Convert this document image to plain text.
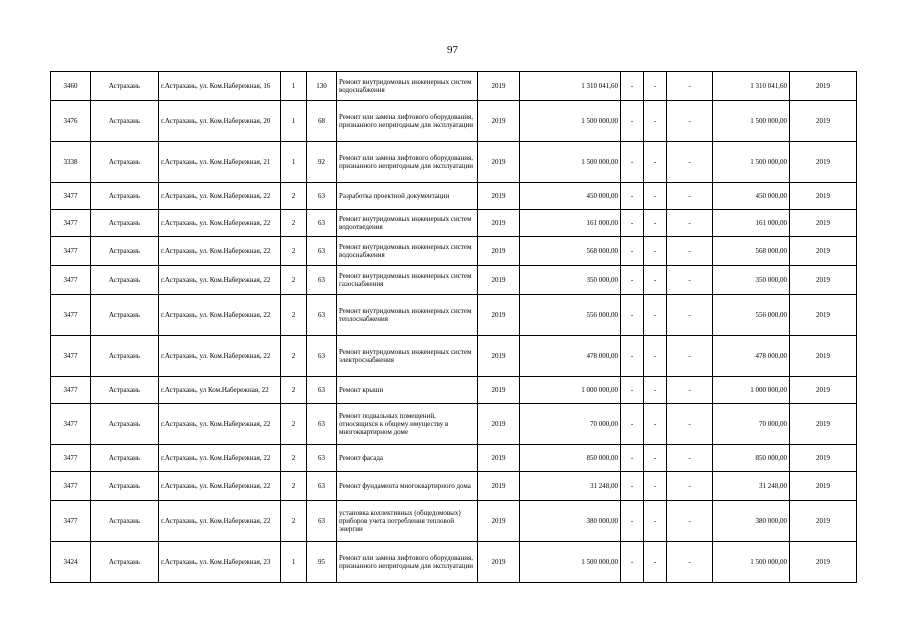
97
3460	Астрахань	г.Астрахань, ул. Ком.Набережная, 16	1	130	Ремонт внутридомовых инженерных систем водоснабжения	2019	1 310 041,60	-	-	-	1 310 041,60	2019
3476	Астрахань	г.Астрахань, ул. Ком.Набережная, 20	1	68	Ремонт или замена лифтового оборудования, признанного непригодным для эксплуатации	2019	1 500 000,00	-	-	-	1 500 000,00	2019
3338	Астрахань	г.Астрахань, ул. Ком.Набережная, 21	1	92	Ремонт или замена лифтового оборудования, признанного непригодным для эксплуатации	2019	1 500 000,00	-	-	-	1 500 000,00	2019
3477	Астрахань	г.Астрахань, ул. Ком.Набережная, 22	2	63	Разработка проектной документации	2019	450 000,00	-	-	-	450 000,00	2019
3477	Астрахань	г.Астрахань, ул. Ком.Набережная, 22	2	63	Ремонт внутридомовых инженерных систем водоотведения	2019	161 000,00	-	-	-	161 000,00	2019
3477	Астрахань	г.Астрахань, ул. Ком.Набережная, 22	2	63	Ремонт внутридомовых инженерных систем водоснабжения	2019	568 000,00	-	-	-	568 000,00	2019
3477	Астрахань	г.Астрахань, ул. Ком.Набережная, 22	2	63	Ремонт внутридомовых инженерных систем газоснабжения	2019	350 000,00	-	-	-	350 000,00	2019
3477	Астрахань	г.Астрахань, ул. Ком.Набережная, 22	2	63	Ремонт внутридомовых инженерных систем теплоснабжения	2019	556 000,00	-	-	-	556 000,00	2019
3477	Астрахань	г.Астрахань, ул. Ком.Набережная, 22	2	63	Ремонт внутридомовых инженерных систем электроснабжения	2019	478 000,00	-	-	-	478 000,00	2019
3477	Астрахань	г.Астрахань, ул Ком.Набережная, 22	2	63	Ремонт крыши	2019	1 000 000,00	-	-	-	1 000 000,00	2019
3477	Астрахань	г.Астрахань, ул. Ком.Набережная, 22	2	63	Ремонт подвальных помещений, относящихся к общему имуществу в многоквартирном доме	2019	70 000,00	-	-	-	70 000,00	2019
3477	Астрахань	г.Астрахань, ул. Ком.Набережная, 22	2	63	Ремонт фасада	2019	850 000,00	-	-	-	850 000,00	2019
3477	Астрахань	г.Астрахань, ул. Ком.Набережная, 22	2	63	Ремонт фундамента многоквартирного дома	2019	31 248,00	-	-	-	31 248,00	2019
3477	Астрахань	г.Астрахань, ул. Ком.Набережная, 22	2	63	установка коллективных (общедомовых) приборов учета потребления тепловой энергии	2019	380 000,00	-	-	-	380 000,00	2019
3424	Астрахань	г.Астрахань, ул. Ком.Набережная, 23	1	95	Ремонт или замена лифтового оборудования, признанного непригодным для эксплуатации	2019	1 500 000,00	-	-	-	1 500 000,00	2019
